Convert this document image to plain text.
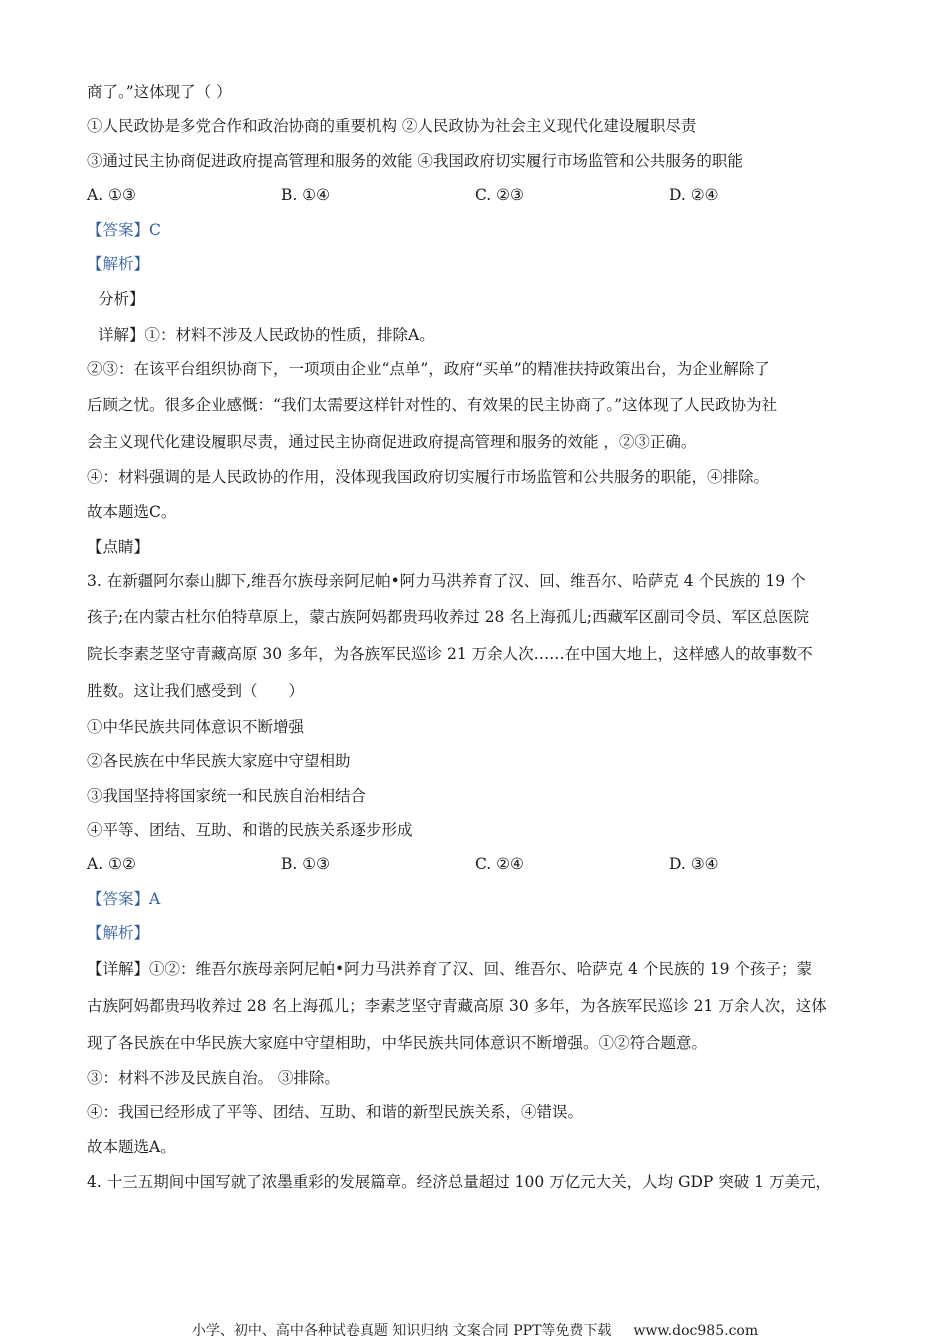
商了。”这体现了（ ）
①人民政协是多党合作和政治协商的重要机构 ②人民政协为社会主义现代化建设履职尽责
③通过民主协商促进政府提高管理和服务的效能 ④我国政府切实履行市场监管和公共服务的职能
A. ①③	B. ①④	C. ②③	D. ②④
【答案】C
【解析】
分析】
详解】①：材料不涉及人民政协的性质，排除A。
②③：在该平台组织协商下，一项项由企业“点单”，政府“买单”的精准扶持政策出台，为企业解除了
后顾之忧。很多企业感慨：“我们太需要这样针对性的、有效果的民主协商了。”这体现了人民政协为社
会主义现代化建设履职尽责，通过民主协商促进政府提高管理和服务的效能 ，②③正确。
④：材料强调的是人民政协的作用，没体现我国政府切实履行市场监管和公共服务的职能，④排除。
故本题选C。
【点睛】
3. 在新疆阿尔泰山脚下,维吾尔族母亲阿尼帕•阿力马洪养育了汉、回、维吾尔、哈萨克 4 个民族的 19 个
孩子;在内蒙古杜尔伯特草原上，蒙古族阿妈都贵玛收养过 28 名上海孤儿;西藏军区副司令员、军区总医院
院长李素芝坚守青藏高原 30 多年，为各族军民巡诊 21 万余人次……在中国大地上，这样感人的故事数不
胜数。这让我们感受到（　　）
①中华民族共同体意识不断增强
②各民族在中华民族大家庭中守望相助
③我国坚持将国家统一和民族自治相结合
④平等、团结、互助、和谐的民族关系逐步形成
A. ①②	B. ①③	C. ②④	D. ③④
【答案】A
【解析】
【详解】①②：维吾尔族母亲阿尼帕•阿力马洪养育了汉、回、维吾尔、哈萨克 4 个民族的 19 个孩子；蒙
古族阿妈都贵玛收养过 28 名上海孤儿；李素芝坚守青藏高原 30 多年，为各族军民巡诊 21 万余人次，这体
现了各民族在中华民族大家庭中守望相助，中华民族共同体意识不断增强。①②符合题意。
③：材料不涉及民族自治。 ③排除。
④：我国已经形成了平等、团结、互助、和谐的新型民族关系，④错误。
故本题选A。
4. 十三五期间中国写就了浓墨重彩的发展篇章。经济总量超过 100 万亿元大关，人均 GDP 突破 1 万美元，
小学、初中、高中各种试卷真题 知识归纳 文案合同 PPT等免费下载 www.doc985.com
